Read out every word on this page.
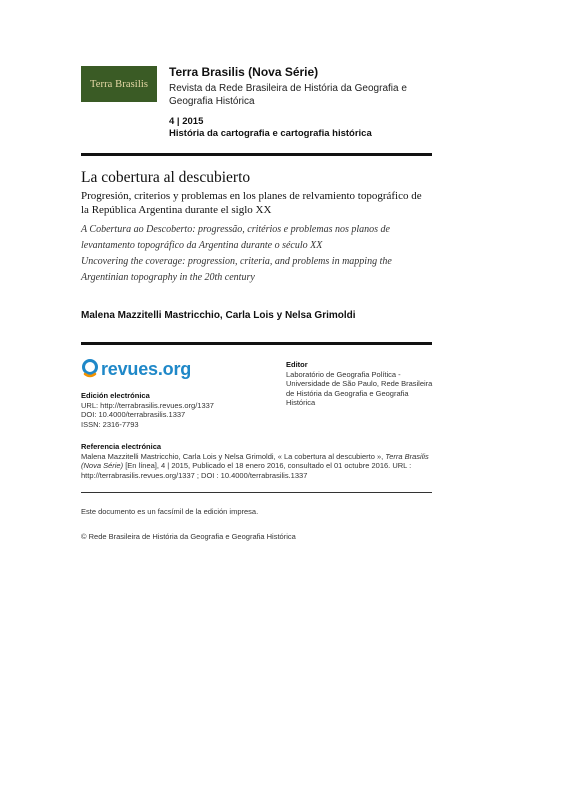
Terra Brasilis
Terra Brasilis (Nova Série)
Revista da Rede Brasileira de História da Geografia e Geografia Histórica
4 | 2015
História da cartografia e cartografia histórica
La cobertura al descubierto
Progresión, criterios y problemas en los planes de relvamiento topográfico de la República Argentina durante el siglo XX
A Cobertura ao Descoberto: progressão, critérios e problemas nos planos de levantamento topográfico da Argentina durante o século XX
Uncovering the coverage: progression, criteria, and problems in mapping the Argentinian topography in the 20th century
Malena Mazzitelli Mastricchio, Carla Lois y Nelsa Grimoldi
revues.org
Edición electrónica
URL: http://terrabrasilis.revues.org/1337
DOI: 10.4000/terrabrasilis.1337
ISSN: 2316-7793
Editor
Laboratório de Geografia Política - Universidade de São Paulo, Rede Brasileira de História da Geografia e Geografia Histórica
Referencia electrónica
Malena Mazzitelli Mastricchio, Carla Lois y Nelsa Grimoldi, « La cobertura al descubierto », Terra Brasilis (Nova Série) [En línea], 4 | 2015, Publicado el 18 enero 2016, consultado el 01 octubre 2016. URL : http://terrabrasilis.revues.org/1337 ; DOI : 10.4000/terrabrasilis.1337
Este documento es un facsímil de la edición impresa.
© Rede Brasileira de História da Geografia e Geografia Histórica
